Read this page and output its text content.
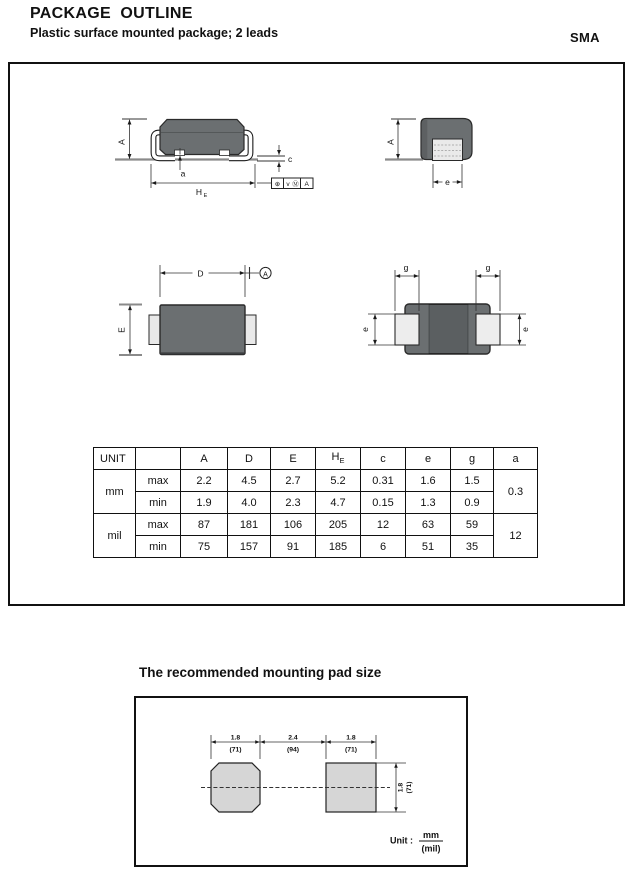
PACKAGE  OUTLINE
Plastic surface mounted package; 2 leads	SMA
A
a
H E
c
⊕ v Ⓜ A
A
e
D	A
E
g	g
e	e
UNIT		A	D	E	$H_E$	c	e	g	a
mm	max	2.2	4.5	2.7	5.2	0.31	1.6	1.5	0.3
	min	1.9	4.0	2.3	4.7	0.15	1.3	0.9	
mil	max	87	181	106	205	12	63	59	12
	min	75	157	91	185	6	51	35	
The recommended mounting pad size
1.8
(71)
2.4
(94)
1.8
(71)
1.8 (71)
Unit :
mm
(mil)
